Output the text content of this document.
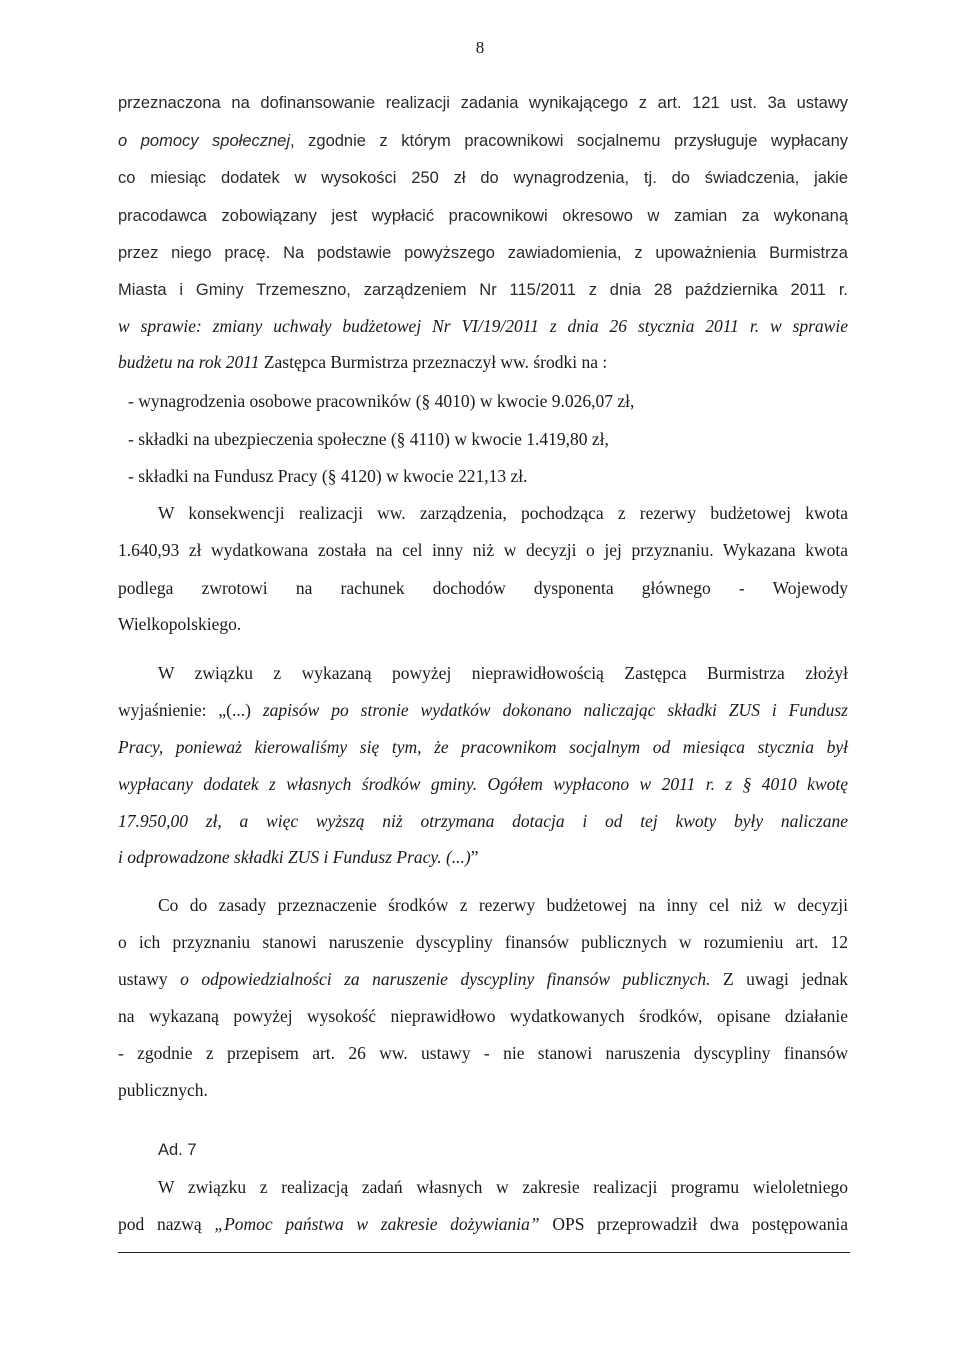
8
przeznaczona na dofinansowanie realizacji zadania wynikającego z art. 121 ust. 3a ustawy
o pomocy społecznej, zgodnie z którym pracownikowi socjalnemu przysługuje wypłacany
co miesiąc dodatek w wysokości 250 zł do wynagrodzenia, tj. do świadczenia, jakie
pracodawca zobowiązany jest wypłacić pracownikowi okresowo w zamian za wykonaną
przez niego pracę. Na podstawie powyższego zawiadomienia, z upoważnienia Burmistrza
Miasta i Gminy Trzemeszno, zarządzeniem Nr 115/2011 z dnia 28 października 2011 r.
w sprawie: zmiany uchwały budżetowej Nr VI/19/2011 z dnia 26 stycznia 2011 r. w sprawie
budżetu na rok 2011 Zastępca Burmistrza przeznaczył ww. środki na :
- wynagrodzenia osobowe pracowników (§ 4010) w kwocie 9.026,07 zł,
- składki na ubezpieczenia społeczne (§ 4110) w kwocie 1.419,80 zł,
- składki na Fundusz Pracy (§ 4120) w kwocie 221,13 zł.
W konsekwencji realizacji ww. zarządzenia, pochodząca z rezerwy budżetowej kwota
1.640,93 zł wydatkowana została na cel inny niż w decyzji o jej przyznaniu. Wykazana kwota
podlega zwrotowi na rachunek dochodów dysponenta głównego - Wojewody
Wielkopolskiego.
W związku z wykazaną powyżej nieprawidłowością Zastępca Burmistrza złożył
wyjaśnienie: „(...) zapisów po stronie wydatków dokonano naliczając składki ZUS i Fundusz
Pracy, ponieważ kierowaliśmy się tym, że pracownikom socjalnym od miesiąca stycznia był
wypłacany dodatek z własnych środków gminy. Ogółem wypłacono w 2011 r. z § 4010 kwotę
17.950,00 zł, a więc wyższą niż otrzymana dotacja i od tej kwoty były naliczane
i odprowadzone składki ZUS i Fundusz Pracy. (...)”
Co do zasady przeznaczenie środków z rezerwy budżetowej na inny cel niż w decyzji
o ich przyznaniu stanowi naruszenie dyscypliny finansów publicznych w rozumieniu art. 12
ustawy o odpowiedzialności za naruszenie dyscypliny finansów publicznych. Z uwagi jednak
na wykazaną powyżej wysokość nieprawidłowo wydatkowanych środków, opisane działanie
- zgodnie z przepisem art. 26 ww. ustawy - nie stanowi naruszenia dyscypliny finansów
publicznych.
Ad. 7
W związku z realizacją zadań własnych w zakresie realizacji programu wieloletniego
pod nazwą „Pomoc państwa w zakresie dożywiania” OPS przeprowadził dwa postępowania
